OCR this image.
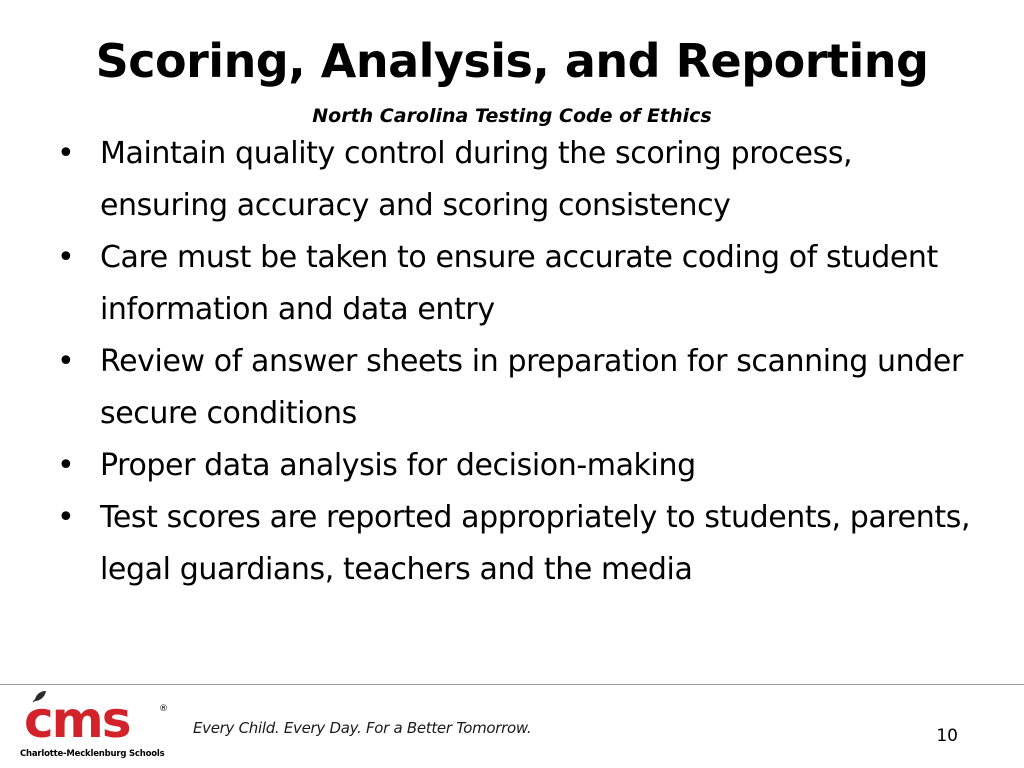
Scoring, Analysis, and Reporting
North Carolina Testing Code of Ethics
• Maintain quality control during the scoring process, ensuring accuracy and scoring consistency
• Care must be taken to ensure accurate coding of student information and data entry
• Review of answer sheets in preparation for scanning under secure conditions
• Proper data analysis for decision-making
• Test scores are reported appropriately to students, parents, legal guardians, teachers and the media
cms	®
Charlotte-Mecklenburg Schools
Every Child. Every Day. For a Better Tomorrow.	10
